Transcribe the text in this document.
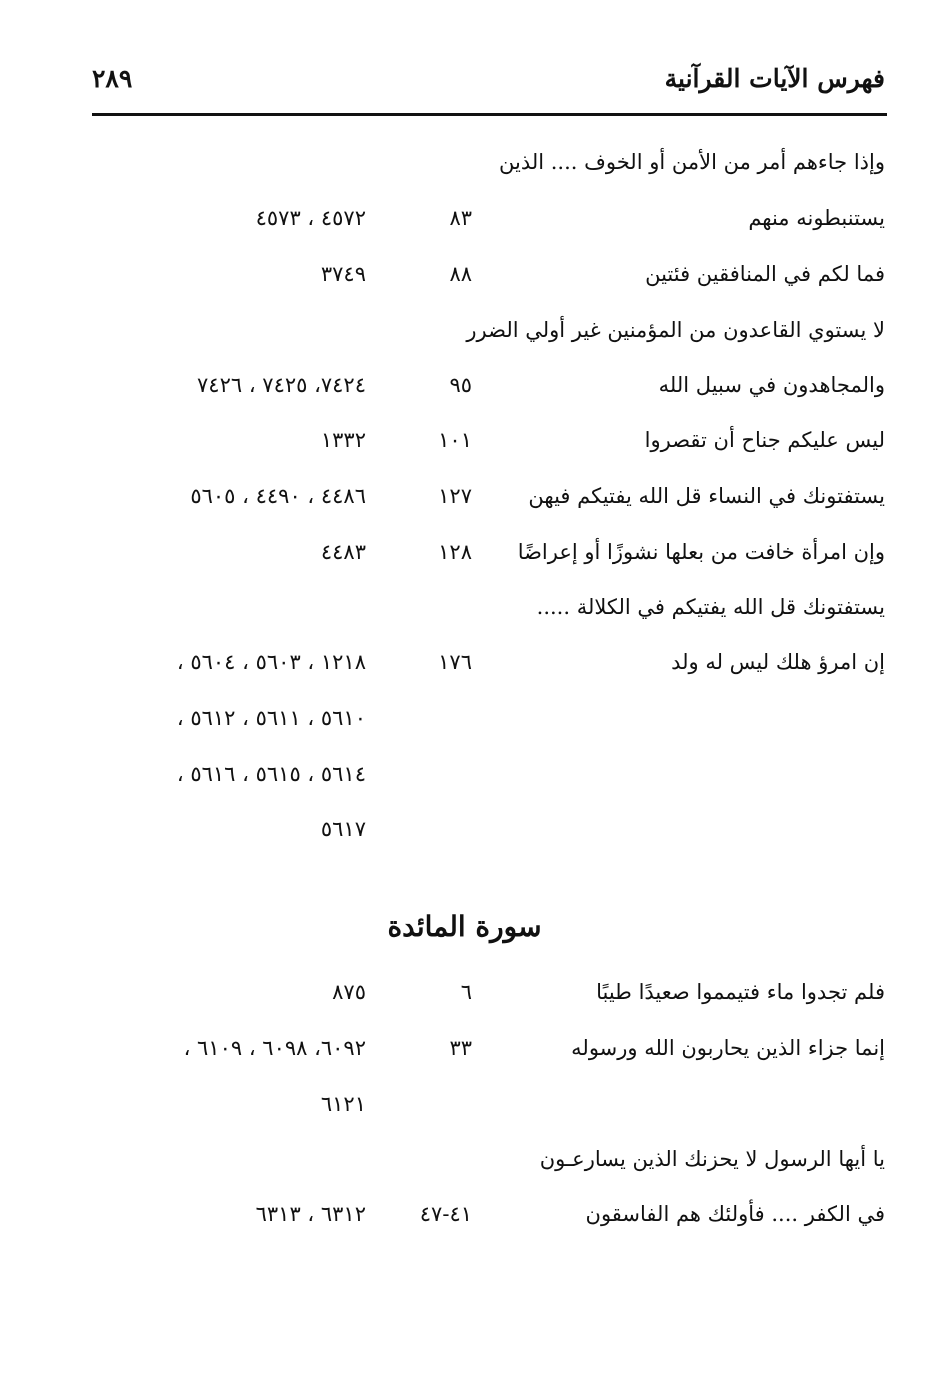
فهرس الآيات القرآنية
٢٨٩
وإذا جاءهم أمر من الأمن أو الخوف .... الذين
يستنبطونه منهم
٨٣
٤٥٧٢ ، ٤٥٧٣
فما لكم في المنافقين فئتين
٨٨
٣٧٤٩
لا يستوي القاعدون من المؤمنين غير أولي الضرر
والمجاهدون في سبيل الله
٩٥
٧٤٢٤، ٧٤٢٥ ، ٧٤٢٦
ليس عليكم جناح أن تقصروا
١٠١
١٣٣٢
يستفتونك في النساء قل الله يفتيكم فيهن
١٢٧
٤٤٨٦ ، ٤٤٩٠ ، ٥٦٠٥
وإن امرأة خافت من بعلها نشوزًا أو إعراضًا
١٢٨
٤٤٨٣
يستفتونك قل الله يفتيكم في الكلالة .....
إن امرؤ هلك ليس له ولد
١٧٦
١٢١٨ ، ٥٦٠٣ ، ٥٦٠٤ ،
٥٦١٠ ، ٥٦١١ ، ٥٦١٢ ،
٥٦١٤ ، ٥٦١٥ ، ٥٦١٦ ،
٥٦١٧
سورة المائدة
فلم تجدوا ماء فتيمموا صعيدًا طيبًا
٦
٨٧٥
إنما جزاء الذين يحاربون الله ورسوله
٣٣
٦٠٩٢، ٦٠٩٨ ، ٦١٠٩ ،
٦١٢١
يا أيها الرسول لا يحزنك الذين يسارعـون
في الكفر .... فأولئك هم الفاسقون
٤١-٤٧
٦٣١٢ ، ٦٣١٣
